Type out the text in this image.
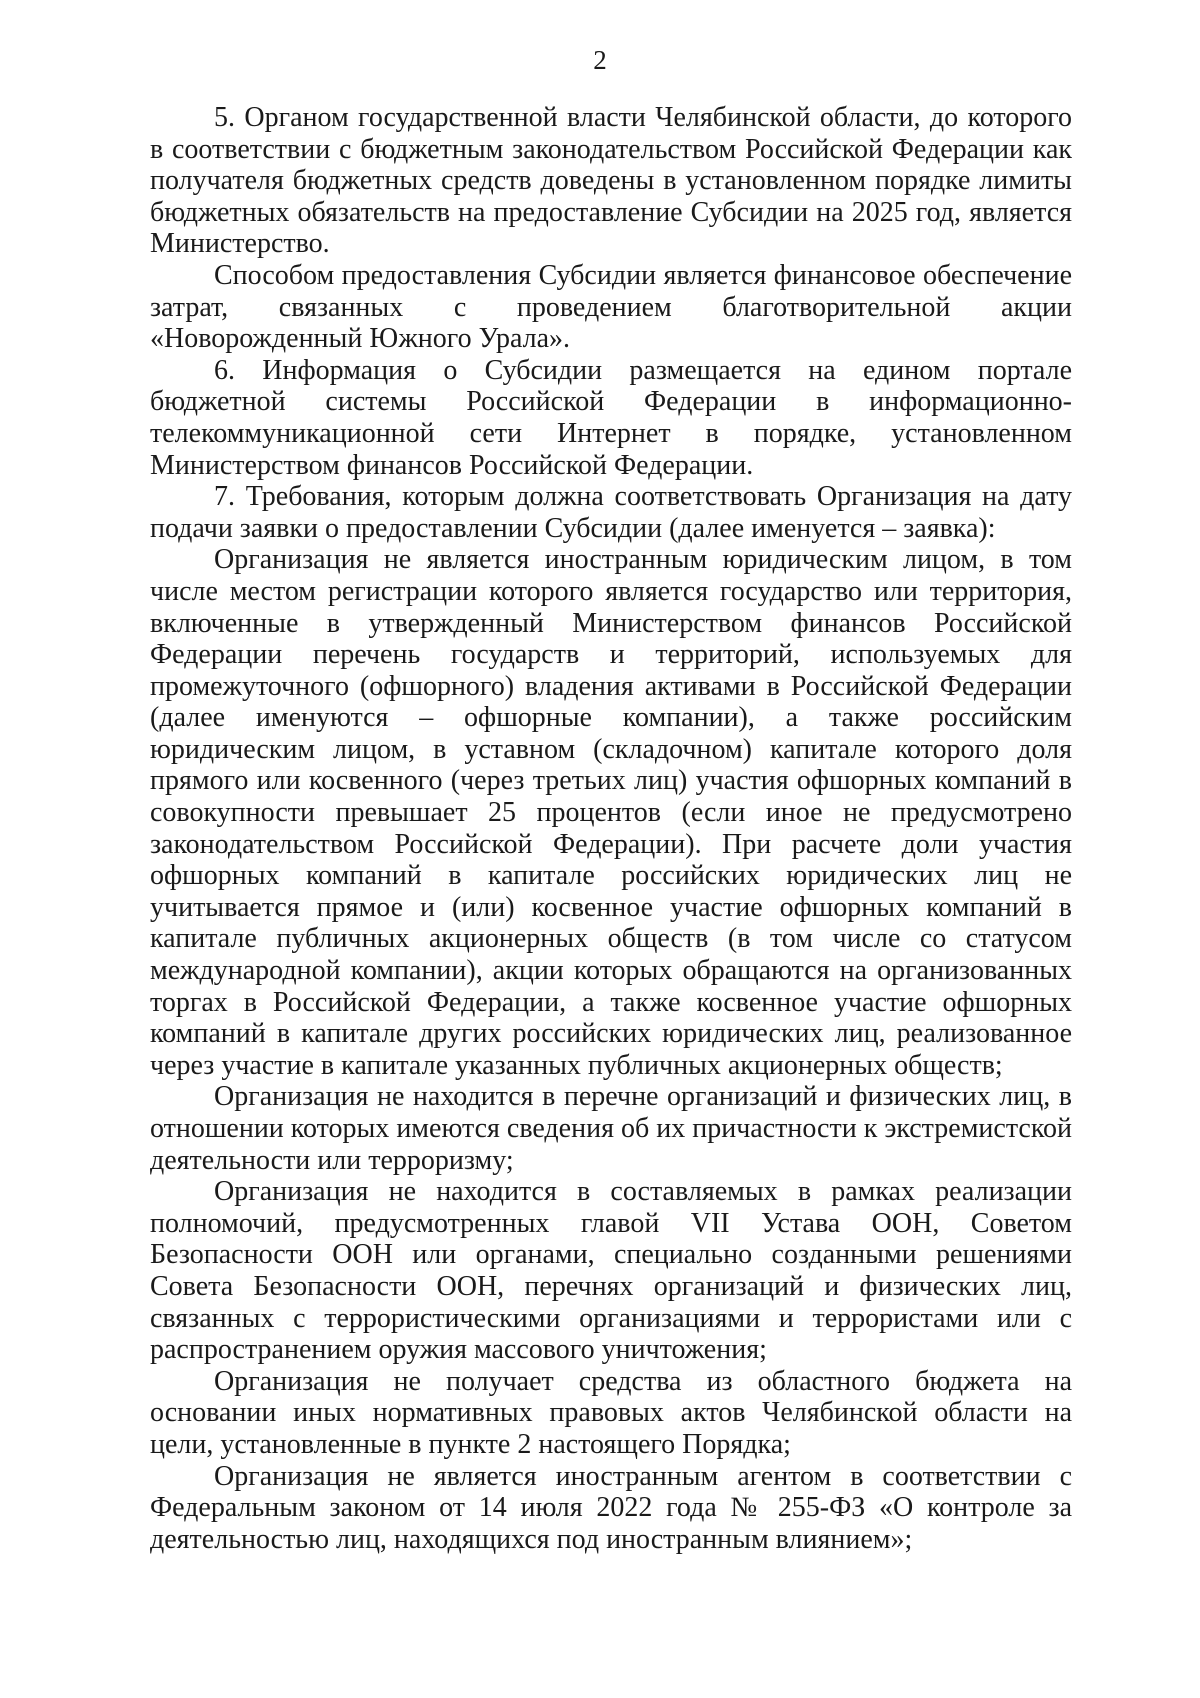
2

5. Органом государственной власти Челябинской области, до которого в соответствии с бюджетным законодательством Российской Федерации как получателя бюджетных средств доведены в установленном порядке лимиты бюджетных обязательств на предоставление Субсидии на 2025 год, является Министерство.

Способом предоставления Субсидии является финансовое обеспечение затрат, связанных с проведением благотворительной акции «Новорожденный Южного Урала».

6. Информация о Субсидии размещается на едином портале бюджетной системы Российской Федерации в информационно-телекоммуникационной сети Интернет в порядке, установленном Министерством финансов Российской Федерации.

7. Требования, которым должна соответствовать Организация на дату подачи заявки о предоставлении Субсидии (далее именуется – заявка):

Организация не является иностранным юридическим лицом, в том числе местом регистрации которого является государство или территория, включенные в утвержденный Министерством финансов Российской Федерации перечень государств и территорий, используемых для промежуточного (офшорного) владения активами в Российской Федерации (далее именуются – офшорные компании), а также российским юридическим лицом, в уставном (складочном) капитале которого доля прямого или косвенного (через третьих лиц) участия офшорных компаний в совокупности превышает 25 процентов (если иное не предусмотрено законодательством Российской Федерации). При расчете доли участия офшорных компаний в капитале российских юридических лиц не учитывается прямое и (или) косвенное участие офшорных компаний в капитале публичных акционерных обществ (в том числе со статусом международной компании), акции которых обращаются на организованных торгах в Российской Федерации, а также косвенное участие офшорных компаний в капитале других российских юридических лиц, реализованное через участие в капитале указанных публичных акционерных обществ;

Организация не находится в перечне организаций и физических лиц, в отношении которых имеются сведения об их причастности к экстремистской деятельности или терроризму;

Организация не находится в составляемых в рамках реализации полномочий, предусмотренных главой VII Устава ООН, Советом Безопасности ООН или органами, специально созданными решениями Совета Безопасности ООН, перечнях организаций и физических лиц, связанных с террористическими организациями и террористами или с распространением оружия массового уничтожения;

Организация не получает средства из областного бюджета на основании иных нормативных правовых актов Челябинской области на цели, установленные в пункте 2 настоящего Порядка;

Организация не является иностранным агентом в соответствии с Федеральным законом от 14 июля 2022 года № 255-ФЗ «О контроле за деятельностью лиц, находящихся под иностранным влиянием»;
